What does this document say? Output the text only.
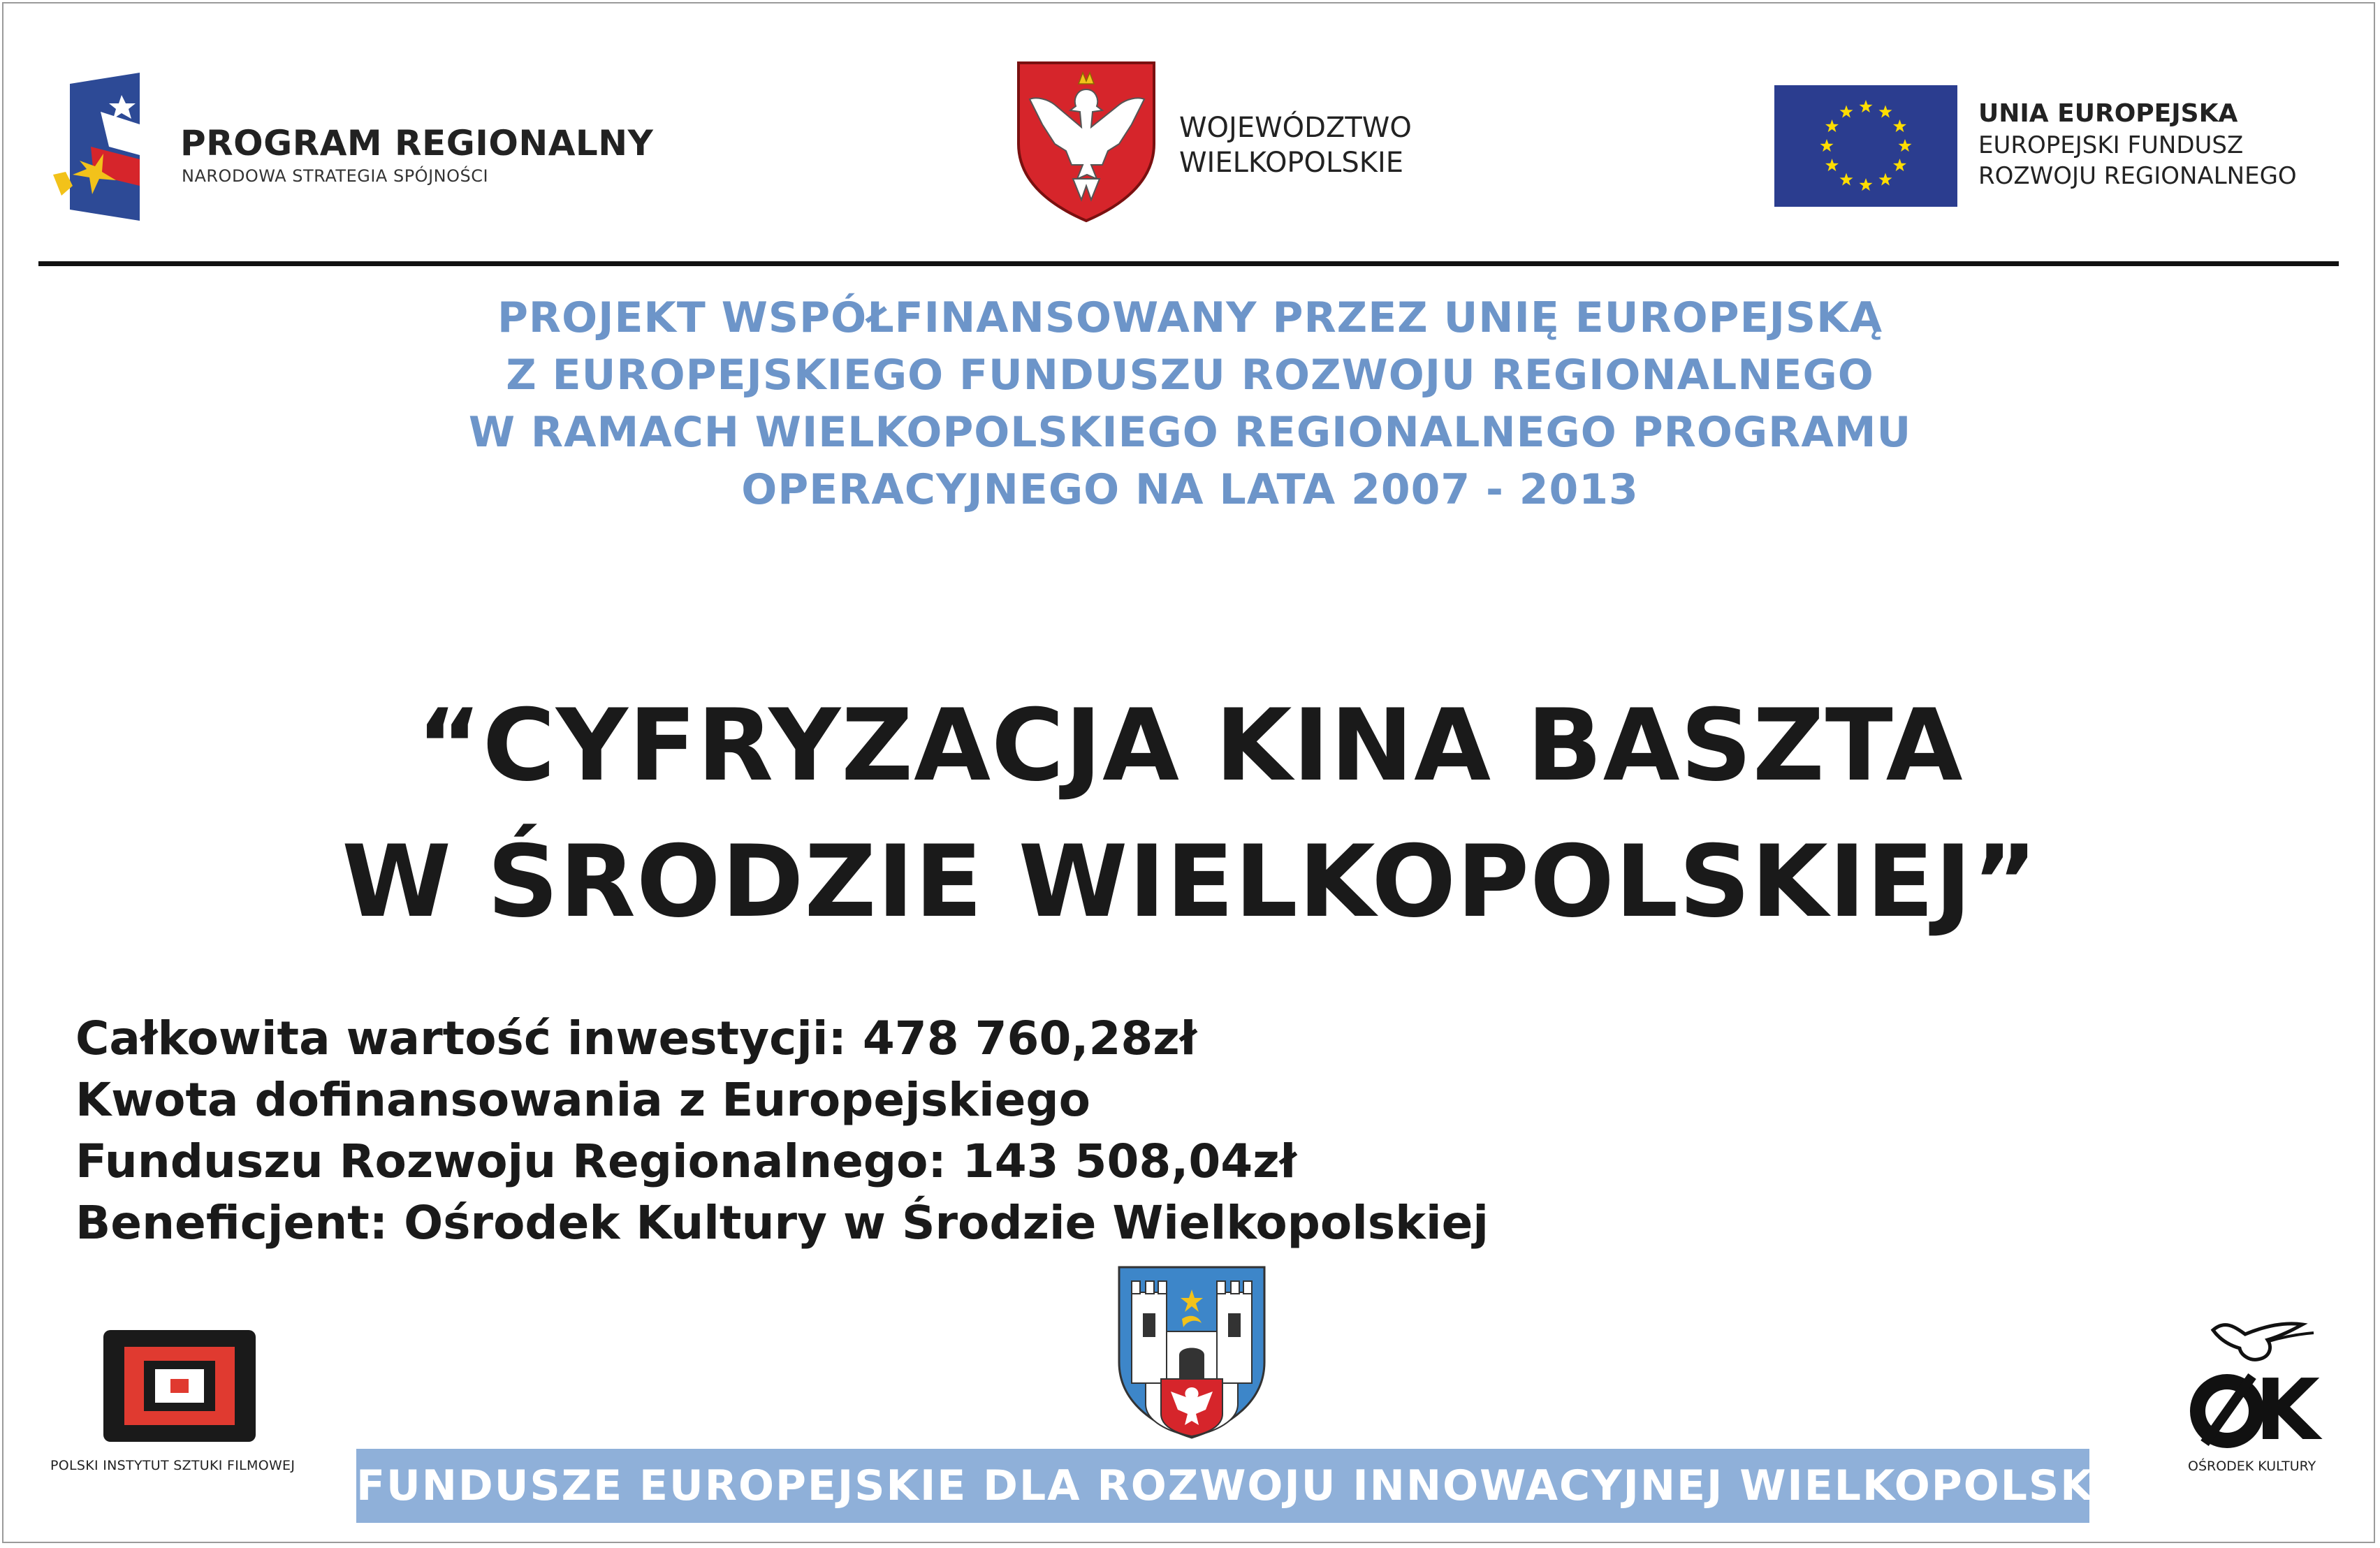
PROGRAM REGIONALNY
NARODOWA STRATEGIA SPÓJNOŚCI
WOJEWÓDZTWO
WIELKOPOLSKIE
UNIA EUROPEJSKA
EUROPEJSKI FUNDUSZ
ROZWOJU REGIONALNEGO
PROJEKT WSPÓŁFINANSOWANY PRZEZ UNIĘ EUROPEJSKĄ
Z EUROPEJSKIEGO FUNDUSZU ROZWOJU REGIONALNEGO
W RAMACH WIELKOPOLSKIEGO REGIONALNEGO PROGRAMU
OPERACYJNEGO NA LATA 2007 - 2013
“CYFRYZACJA KINA BASZTA
W ŚRODZIE WIELKOPOLSKIEJ”
Całkowita wartość inwestycji: 478 760,28zł
Kwota dofinansowania z Europejskiego
Funduszu Rozwoju Regionalnego: 143 508,04zł
Beneficjent: Ośrodek Kultury w Środzie Wielkopolskiej
POLSKI INSTYTUT SZTUKI FILMOWEJ
K
OŚRODEK KULTURY
FUNDUSZE EUROPEJSKIE DLA ROZWOJU INNOWACYJNEJ WIELKOPOLSKI
